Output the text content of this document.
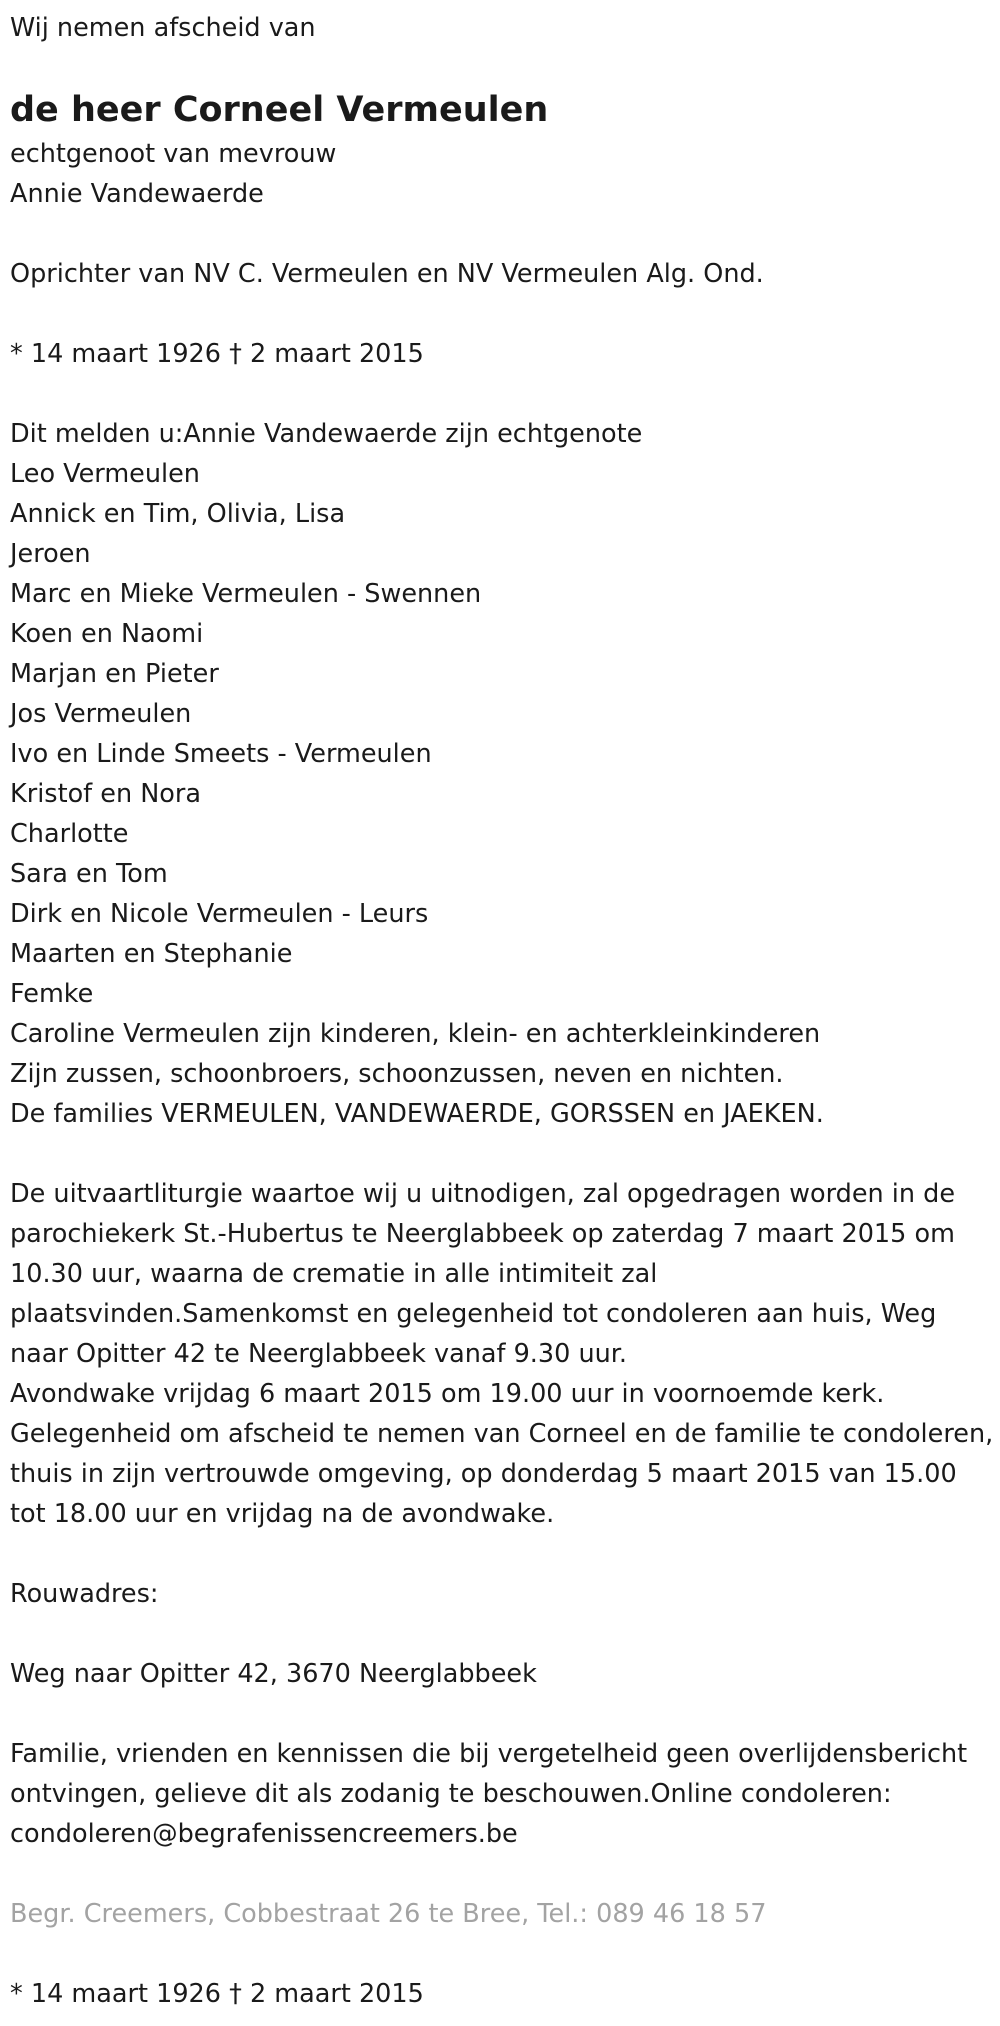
Wij nemen afscheid van

de heer Corneel Vermeulen

echtgenoot van mevrouw

Annie Vandewaerde

Oprichter van NV C. Vermeulen en NV Vermeulen Alg. Ond.

* 14 maart 1926 † 2 maart 2015

Dit melden u:Annie Vandewaerde zijn echtgenote

Leo Vermeulen

Annick en Tim, Olivia, Lisa

Jeroen

Marc en Mieke Vermeulen - Swennen

Koen en Naomi

Marjan en Pieter

Jos Vermeulen

Ivo en Linde Smeets - Vermeulen

Kristof en Nora

Charlotte

Sara en Tom

Dirk en Nicole Vermeulen - Leurs

Maarten en Stephanie

Femke

Caroline Vermeulen zijn kinderen, klein- en achterkleinkinderen

Zijn zussen, schoonbroers, schoonzussen, neven en nichten.

De families VERMEULEN, VANDEWAERDE, GORSSEN en JAEKEN.

De uitvaartliturgie waartoe wij u uitnodigen, zal opgedragen worden in de parochiekerk St.-Hubertus te Neerglabbeek op zaterdag 7 maart 2015 om 10.30 uur, waarna de crematie in alle intimiteit zal plaatsvinden.Samenkomst en gelegenheid tot condoleren aan huis, Weg naar Opitter 42 te Neerglabbeek vanaf 9.30 uur.

Avondwake vrijdag 6 maart 2015 om 19.00 uur in voornoemde kerk.

Gelegenheid om afscheid te nemen van Corneel en de familie te condoleren, thuis in zijn vertrouwde omgeving, op donderdag 5 maart 2015 van 15.00 tot 18.00 uur en vrijdag na de avondwake.

Rouwadres:

Weg naar Opitter 42, 3670 Neerglabbeek

Familie, vrienden en kennissen die bij vergetelheid geen overlijdensbericht ontvingen, gelieve dit als zodanig te beschouwen.Online condoleren: condoleren@begrafenissencreemers.be

Begr. Creemers, Cobbestraat 26 te Bree, Tel.: 089 46 18 57

* 14 maart 1926 † 2 maart 2015
